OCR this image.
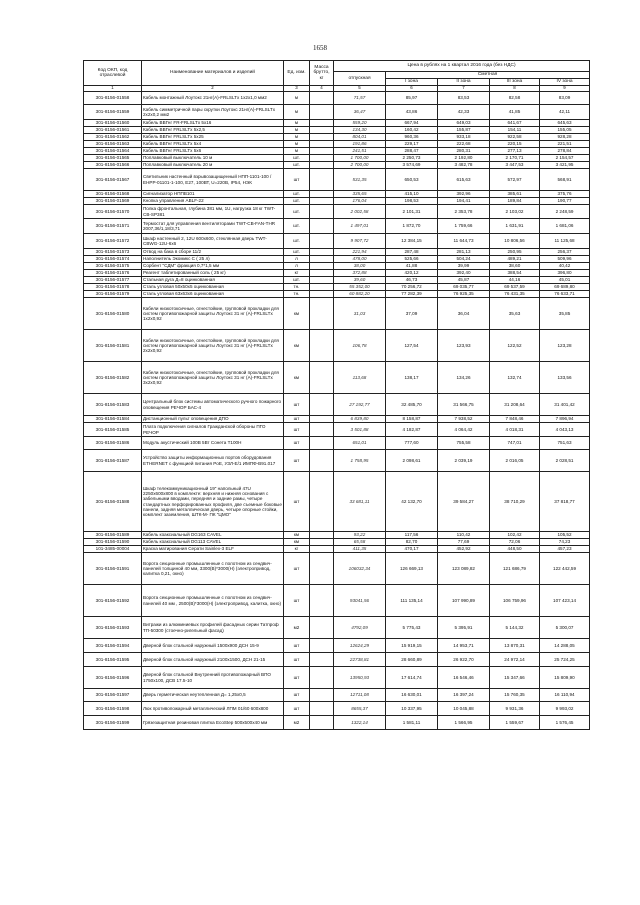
1658
Код ОКП, код отраслевой	Наименование материалов и изделий	Ед. изм.	Масса брутто, кг	Цена в рублях на 1 квартал 2016 года (без НДС)				
				отпускная	Сметная			
					I зона	II зона	III зона	IV зона
1	2	3	4	5	6	7	8	9
301-8156-01558	Кабель монтажный Лоутокс 21нг(А)-FRLSLTx 1х2х1,0 мм2	м		71,57	85,97	83,53	82,58	83,09
301-8156-01559	Кабель симметричной пары скрутки Лоутокс 21нг(А)-FRLSLTx 2х2х0,2 мм2	м		36,47	43,86	42,33	41,85	42,11
301-8156-01560	Кабель ВВГнг FR-FRLSLTx 5х16	м		559,20	667,94	649,03	641,67	645,63
301-8156-01561	Кабель ВВГнг FRLSLTx 5х2,5	м		134,30	160,42	155,87	154,11	155,05
301-8156-01562	Кабель ВВГнг FRLSLTx 5х25	м		804,01	960,36	933,18	922,58	928,28
301-8156-01563	Кабель ВВГнг FRLSLTx 5х4	м		191,86	229,17	222,68	220,15	221,51
301-8156-01564	Кабель ВВГнг FRLSLTx 5х6	м		241,51	288,47	280,31	277,13	278,84
301-8156-01565	Поплавковый выключатель 10 м	шт.		1 700,00	2 250,73	2 192,80	2 170,71	2 154,57
301-8156-01566	Поплавковый выключатель 20 м	шт.		2 700,00	3 574,69	3 482,78	3 447,53	3 421,95
301-8156-01567	Светильник настенный взрывозащищенный НПП-1101-100 / ЕНРР-01101-1-100, Е27, 100ВТ, U=220В, IP54, НЭК	шт		531,35	650,53	615,63	572,97	568,91
301-8156-01568	Сигнализатор НППВ101	шт.		335,65	415,10	392,96	385,61	375,76
301-8156-01569	Кнопка управления ABLF-22	шт.		176,04	198,53	194,41	189,84	190,77
301-8156-01570	Полка фронтальная, глубина 381 мм, 1U, нагрузка 18 кг TWT-CB-SP381	шт.		2 002,58	2 101,31	2 353,78	2 103,02	2 248,59
301-8156-01571	Термостат для управления вентиляторами TWT-CB-FAN-THR 2007,36/1,18/3,71	шт.		1 497,01	1 872,70	1 759,66	1 631,91	1 681,06
301-8156-01572	Шкаф настенный 2, 12U 600х600, стеклянная дверь TWT-CBWG-12U-6х6	шт.		9 907,72	12 384,15	11 644,73	10 806,56	11 125,68
301-8156-01573	Отвод на бака в сборе 11/2	шт.		221,94	287,48	281,13	250,95	256,37
301-8156-01574	Наполнитель Экомикс С ( 25 л)	л		478,00	525,66	504,24	489,21	509,96
301-8156-01575	Сорбент "СДМ" фракция 0,7*1,5 мм	л		38,00	41,88	39,99	38,60	40,42
301-8156-01576	Реагент таблетированный соль ( 25 кг)	кг		372,88	420,12	392,40	388,54	396,80
301-8156-01577	Стальная дуга Д=8 оцинкованная	шт.		39,60	46,73	45,87	44,16	45,01
301-8156-01578	Сталь угловая 50х50х5 оцинкованная	тн.		55 352,00	70 256,72	69 035,77	69 537,59	69 689,80
301-8156-01579	Сталь угловая 63х63х6 оцинкованная	тн.		60 882,20	77 282,39	76 925,35	76 431,35	76 633,71
301-8156-01580	Кабели низкотоксичные, огнестойкие, групповой прокладки для систем противопожарной защиты Лоутокс 31 нг (А)-FRLSLTx 1х2х0,92	км		31,03	37,09	36,04	35,63	35,85
301-8156-01581	Кабели низкотоксичные, огнестойкие, групповой прокладки для систем противопожарной защиты Лоутокс 31 нг (А)-FRLSLTx 2х2х0,92	км		106,78	127,54	123,93	122,52	123,28
301-8156-01582	Кабели низкотоксичные, огнестойкие, групповой прокладки для систем противопожарной защиты Лоутокс 31 нг (А)-FRLSLTx 3х2х0,92	км		113,68	138,17	134,26	132,74	133,56
301-8156-01583	Центральный блок системы автоматического ручного пожарного оповещения РЕЧОР БАС-4	шт		27 192,77	32 485,70	31 566,75	31 208,64	31 401,42
301-8156-01584	Дистанционный пульт оповещения ДПО	шт		6 839,80	8 158,87	7 938,52	7 848,46	7 896,94
301-8156-01585	Плата подключения сигналов Гражданской обороны ПГО РЕЧОР	шт		3 501,88	4 182,87	4 064,42	4 018,31	4 043,13
301-8156-01586	Модуль акустический 100В 5Вт Сонета Т100Н	шт		651,01	777,60	755,58	747,01	751,63
301-8156-01587	Устройство защиты информационных портов оборудования ETHERNET с функцией питания PoE, УЗЛ-Е/1 ИМПФ-В91.017	шт		1 758,95	2 098,61	2 039,19	2 016,05	2 028,51
301-8156-01588	Шкаф телекоммуникационный 19" напольный 47U 2250х600х800 в комплекте: верхняя и нижняя основания с забельными вводами, передняя и задние рамы, четыре стандартных перфорированных профиля, две съемные боковые панели, задняя металлическая дверь, четыре опорные стойки, комплект заземления, ШТК-М- ПК "ЦМО"	шт		33 681,11	42 132,70	39 584,27	38 710,29	37 818,77
301-8156-01589	Кабель коаксиальный DG163 CAVEL	км		93,22	117,56	110,42	102,42	105,52
301-8156-01590	Кабель коаксиальный DG113 CAVEL	км		65,58	82,70	77,69	72,06	74,23
101-3485-00004	Краска матирования Серати Sainlex-3 ELF	кг		411,35	470,17	452,92	448,50	457,23
301-8156-01591	Ворота секционные промышленные с полотном из сендвич-панелей толщиной 40 мм, 3300(В)*3000(Н) (электропривод, калитка 0,21, окно)	шт		106032,34	126 669,13	123 089,82	121 686,79	122 442,59
301-8156-01592	Ворота секционные промышленные с полотном из сендвич-панелей 40 мм , 2500(В)*3000(Н) (электропривод, калитка, окно)	шт		93041,56	111 135,14	107 990,89	106 759,96	107 423,14
301-8156-01593	Витражи из алюминиевых профилей фасадных серии Татпроф ТП-50300 (стоечно-ригельный фасад)	м2		4792,09	5 775,43	5 395,91	5 144,32	5 300,07
301-8156-01594	Дверной блок стальной наружный 1500х900 ДСН 15-9	шт		12624,29	15 919,15	14 953,71	13 870,31	14 288,05
301-8156-01595	Дверной блок стальной наружный 2100х1500, ДСН 21-15	шт		22738,81	28 660,89	26 922,70	24 972,14	25 724,25
301-8156-01596	Дверной блок стальной Внутренний противопожарный ВПО 1750х100, ДСВ 17.5-10	шт		13950,93	17 614,74	16 546,46	15 347,66	15 809,90
301-8156-01597	Дверь герметическая неутепленная Д= 1,25х0,5	шт		12711,08	16 630,01	16 397,24	15 760,35	16 110,94
301-8156-01598	Люк противопожарный металлический ЛПМ 01/60 600х800	шт		8655,37	10 337,95	10 045,88	9 931,36	9 993,02
301-8156-01599	Грязезащитная резиновая плитка EcoStep 500х500х40 мм	м2		1322,14	1 581,11	1 566,95	1 559,67	1 576,45
